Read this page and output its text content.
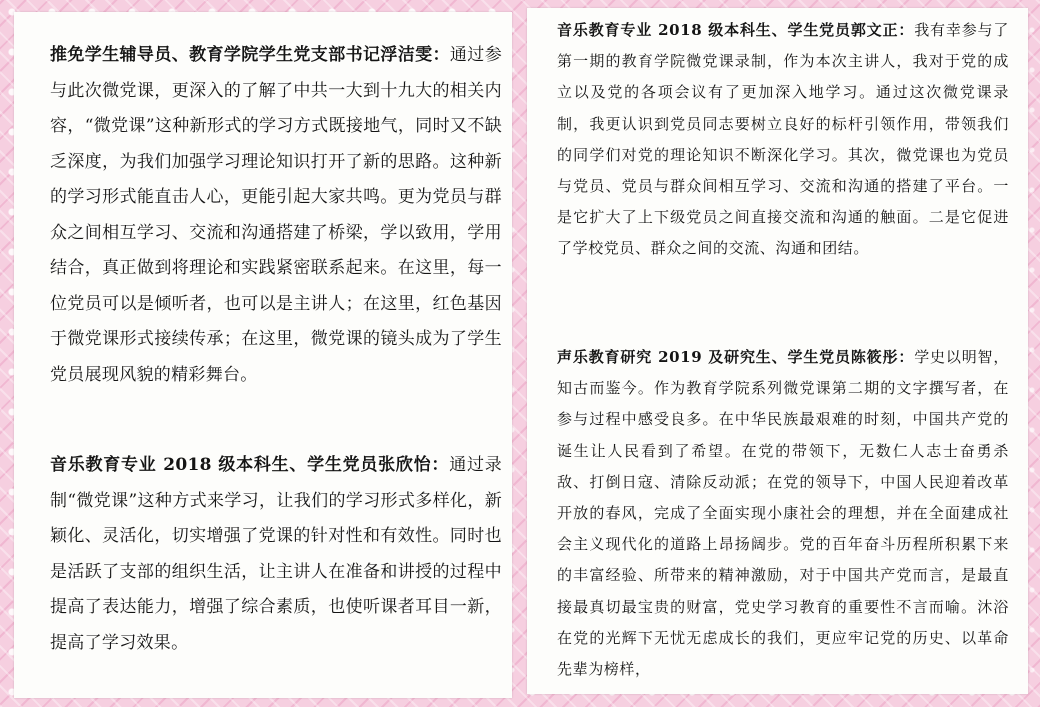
推免学生辅导员、教育学院学生党支部书记浮洁雯：通过参与此次微党课，更深入的了解了中共一大到十九大的相关内容，“微党课”这种新形式的学习方式既接地气，同时又不缺乏深度，为我们加强学习理论知识打开了新的思路。这种新的学习形式能直击人心，更能引起大家共鸣。更为党员与群众之间相互学习、交流和沟通搭建了桥梁，学以致用，学用结合，真正做到将理论和实践紧密联系起来。在这里，每一位党员可以是倾听者，也可以是主讲人；在这里，红色基因于微党课形式接续传承；在这里，微党课的镜头成为了学生党员展现风貌的精彩舞台。

音乐教育专业 2018 级本科生、学生党员张欣怡：通过录制“微党课”这种方式来学习，让我们的学习形式多样化，新颖化、灵活化，切实增强了党课的针对性和有效性。同时也是活跃了支部的组织生活，让主讲人在准备和讲授的过程中提高了表达能力，增强了综合素质，也使听课者耳目一新，提高了学习效果。

音乐教育专业 2018 级本科生、学生党员郭文正：我有幸参与了第一期的教育学院微党课录制，作为本次主讲人，我对于党的成立以及党的各项会议有了更加深入地学习。通过这次微党课录制，我更认识到党员同志要树立良好的标杆引领作用，带领我们的同学们对党的理论知识不断深化学习。其次，微党课也为党员与党员、党员与群众间相互学习、交流和沟通的搭建了平台。一是它扩大了上下级党员之间直接交流和沟通的触面。二是它促进了学校党员、群众之间的交流、沟通和团结。

声乐教育研究 2019 及研究生、学生党员陈筱彤：学史以明智，知古而鉴今。作为教育学院系列微党课第二期的文字撰写者，在参与过程中感受良多。在中华民族最艰难的时刻，中国共产党的诞生让人民看到了希望。在党的带领下，无数仁人志士奋勇杀敌、打倒日寇、清除反动派；在党的领导下，中国人民迎着改革开放的春风，完成了全面实现小康社会的理想，并在全面建成社会主义现代化的道路上昂扬阔步。党的百年奋斗历程所积累下来的丰富经验、所带来的精神激励，对于中国共产党而言，是最直接最真切最宝贵的财富，党史学习教育的重要性不言而喻。沐浴在党的光辉下无忧无虑成长的我们，更应牢记党的历史、以革命先辈为榜样，
